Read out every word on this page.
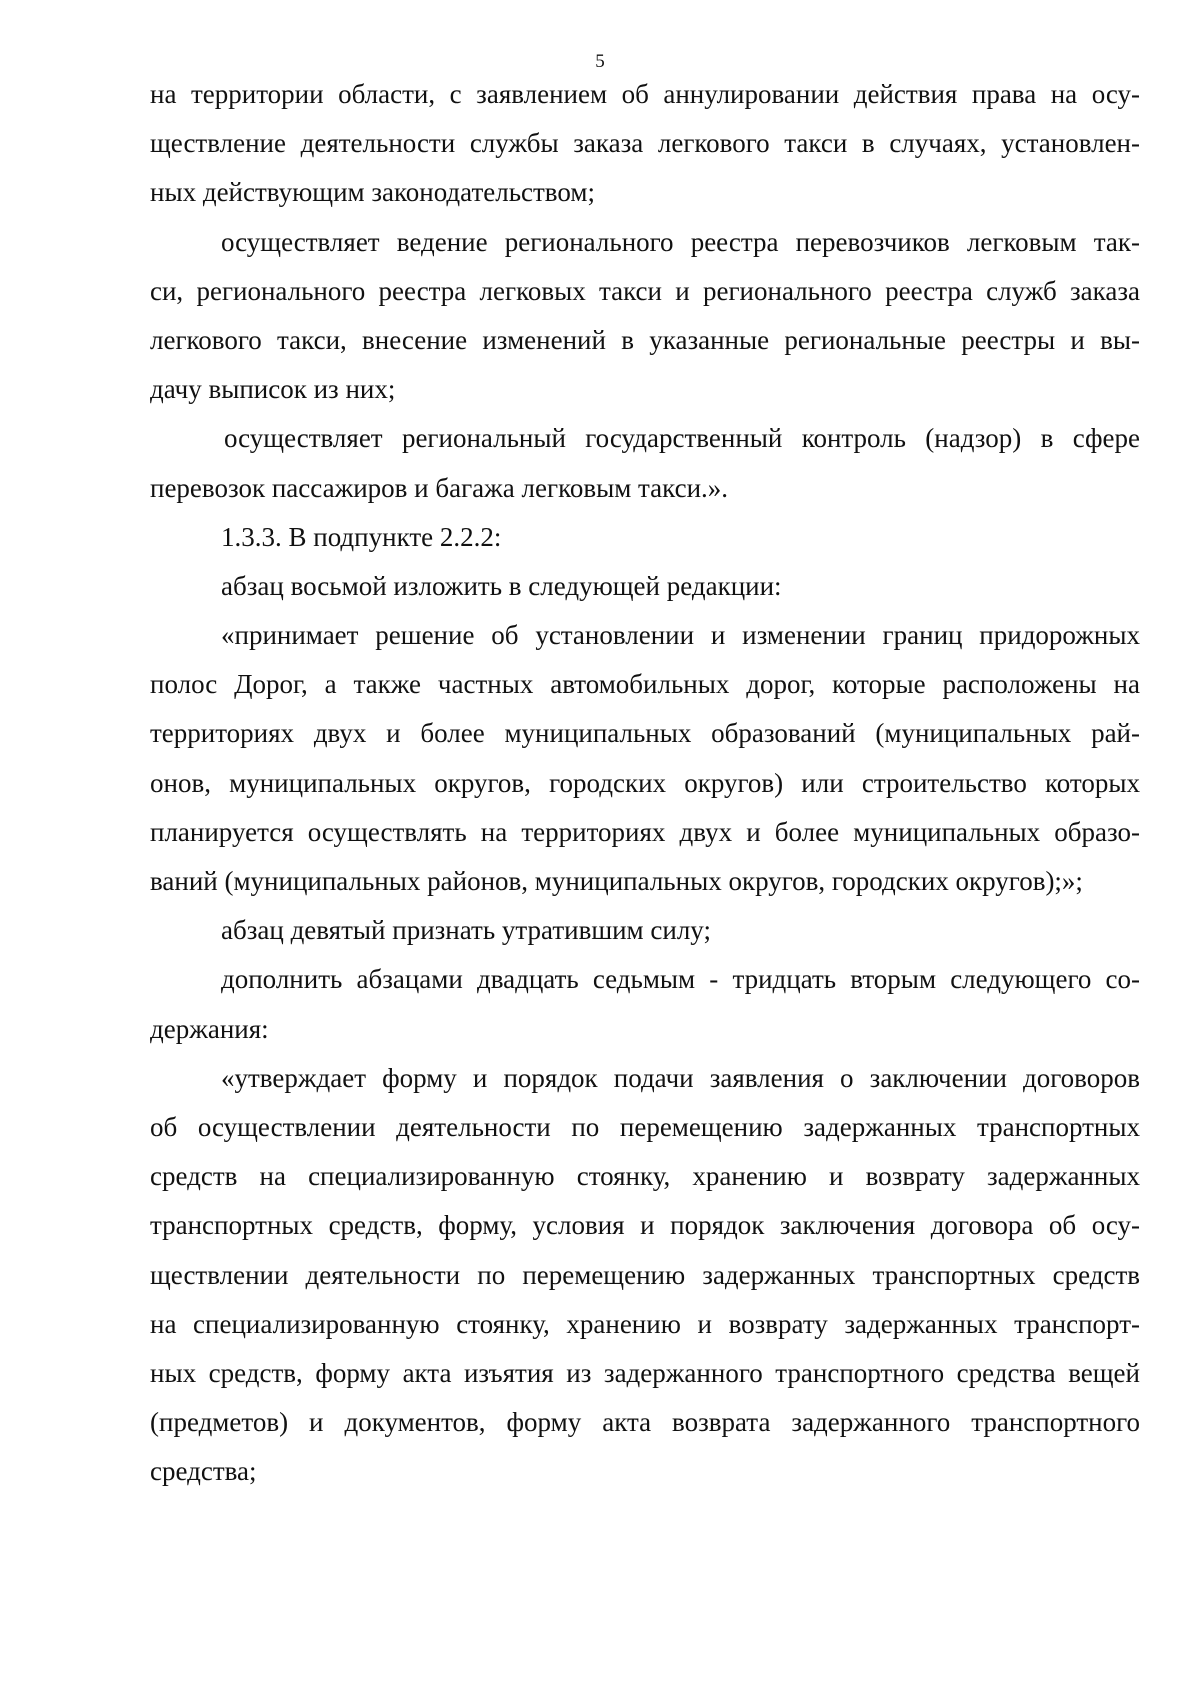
5
на территории области, с заявлением об аннулировании действия права на осу-
ществление деятельности службы заказа легкового такси в случаях, установлен-
ных действующим законодательством;
осуществляет ведение регионального реестра перевозчиков легковым так-
си, регионального реестра легковых такси и регионального реестра служб заказа
легкового такси, внесение изменений в указанные региональные реестры и вы-
дачу выписок из них;
осуществляет региональный государственный контроль (надзор) в сфере
перевозок пассажиров и багажа легковым такси.».
1.3.3. В подпункте 2.2.2:
абзац восьмой изложить в следующей редакции:
«принимает решение об установлении и изменении границ придорожных
полос Дорог, а также частных автомобильных дорог, которые расположены на
территориях двух и более муниципальных образований (муниципальных рай-
онов, муниципальных округов, городских округов) или строительство которых
планируется осуществлять на территориях двух и более муниципальных образо-
ваний (муниципальных районов, муниципальных округов, городских округов);»;
абзац девятый признать утратившим силу;
дополнить абзацами двадцать седьмым - тридцать вторым следующего со-
держания:
«утверждает форму и порядок подачи заявления о заключении договоров
об осуществлении деятельности по перемещению задержанных транспортных
средств на специализированную стоянку, хранению и возврату задержанных
транспортных средств, форму, условия и порядок заключения договора об осу-
ществлении деятельности по перемещению задержанных транспортных средств
на специализированную стоянку, хранению и возврату задержанных транспорт-
ных средств, форму акта изъятия из задержанного транспортного средства вещей
(предметов) и документов, форму акта возврата задержанного транспортного
средства;
